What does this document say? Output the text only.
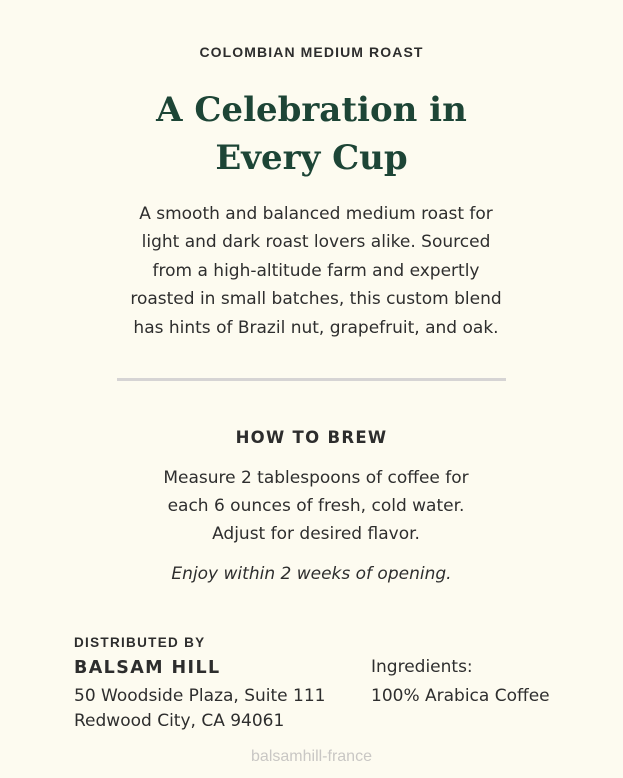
COLOMBIAN MEDIUM ROAST
A Celebration in
Every Cup

A smooth and balanced medium roast for
light and dark roast lovers alike. Sourced
from a high-altitude farm and expertly
roasted in small batches, this custom blend
has hints of Brazil nut, grapefruit, and oak.

HOW TO BREW

Measure 2 tablespoons of coffee for
each 6 ounces of fresh, cold water.
Adjust for desired flavor.

Enjoy within 2 weeks of opening.

DISTRIBUTED BY
BALSAM HILL
50 Woodside Plaza, Suite 111
Redwood City, CA 94061
Ingredients:
100% Arabica Coffee
balsamhill-france
